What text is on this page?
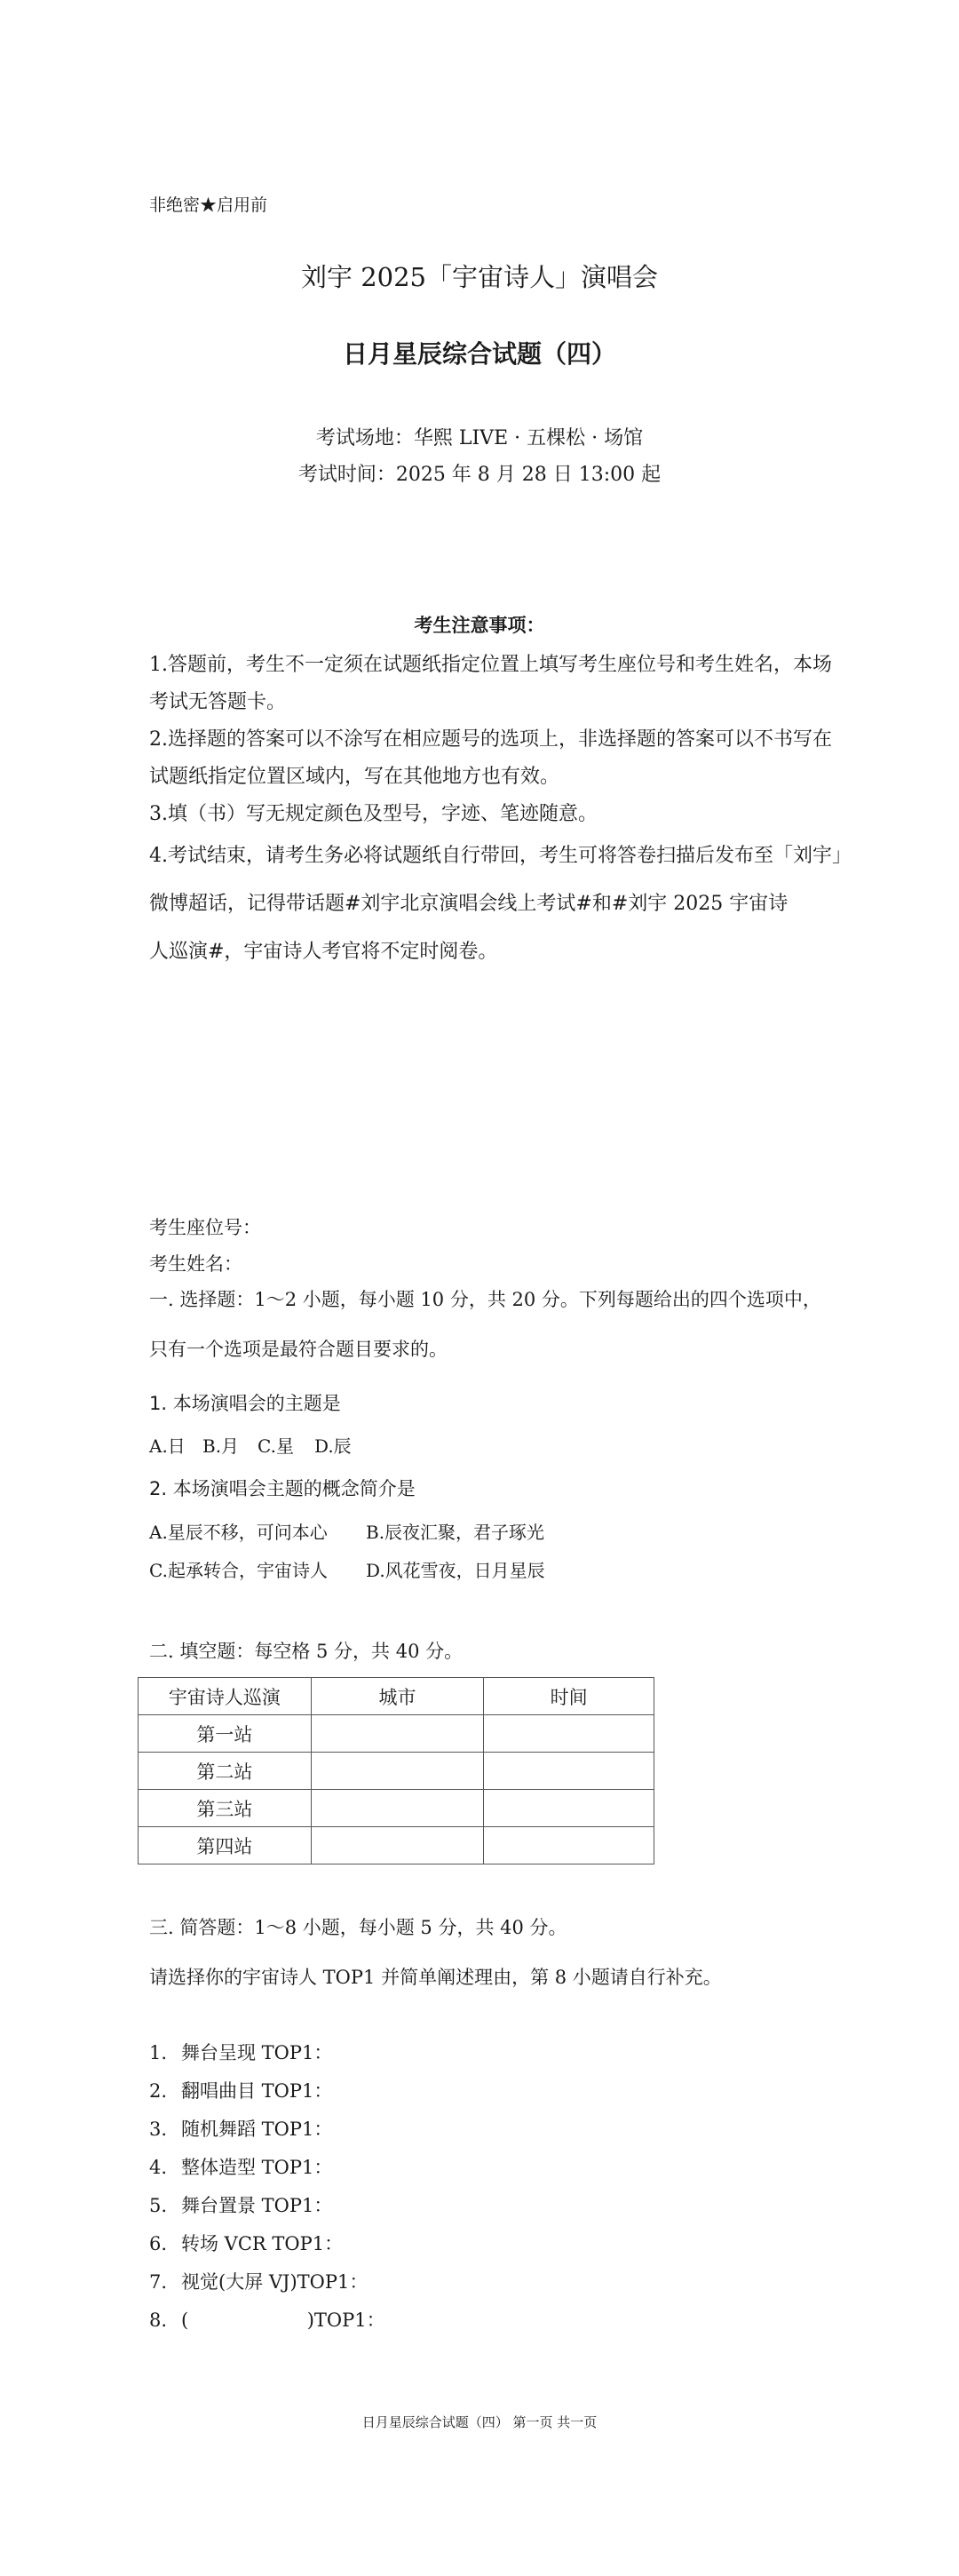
非绝密★启用前
刘宇 2025「宇宙诗人」演唱会
日月星辰综合试题（四）
考试场地：华熙 LIVE · 五棵松 · 场馆
考试时间：2025 年 8 月 28 日 13:00 起
考生注意事项：
1.答题前，考生不一定须在试题纸指定位置上填写考生座位号和考生姓名，本场
考试无答题卡。
2.选择题的答案可以不涂写在相应题号的选项上，非选择题的答案可以不书写在
试题纸指定位置区域内，写在其他地方也有效。
3.填（书）写无规定颜色及型号，字迹、笔迹随意。
4.考试结束，请考生务必将试题纸自行带回，考生可将答卷扫描后发布至「刘宇」
微博超话，记得带话题#刘宇北京演唱会线上考试#和#刘宇 2025 宇宙诗
人巡演#，宇宙诗人考官将不定时阅卷。
考生座位号：
考生姓名：
一. 选择题：1～2 小题，每小题 10 分，共 20 分。下列每题给出的四个选项中，
只有一个选项是最符合题目要求的。
1. 本场演唱会的主题是
A.日 B.月 C.星 D.辰
2. 本场演唱会主题的概念简介是
A.星辰不移，可问本心 B.辰夜汇聚，君子琢光
C.起承转合，宇宙诗人 D.风花雪夜，日月星辰
二. 填空题：每空格 5 分，共 40 分。
宇宙诗人巡演	城市	时间
第一站		
第二站		
第三站		
第四站		
三. 简答题：1～8 小题，每小题 5 分，共 40 分。
请选择你的宇宙诗人 TOP1 并简单阐述理由，第 8 小题请自行补充。
1. 舞台呈现 TOP1：
2. 翻唱曲目 TOP1：
3. 随机舞蹈 TOP1：
4. 整体造型 TOP1：
5. 舞台置景 TOP1：
6. 转场 VCR TOP1：
7. 视觉(大屏 VJ)TOP1：
8. (                    )TOP1：
日月星辰综合试题（四） 第一页 共一页
